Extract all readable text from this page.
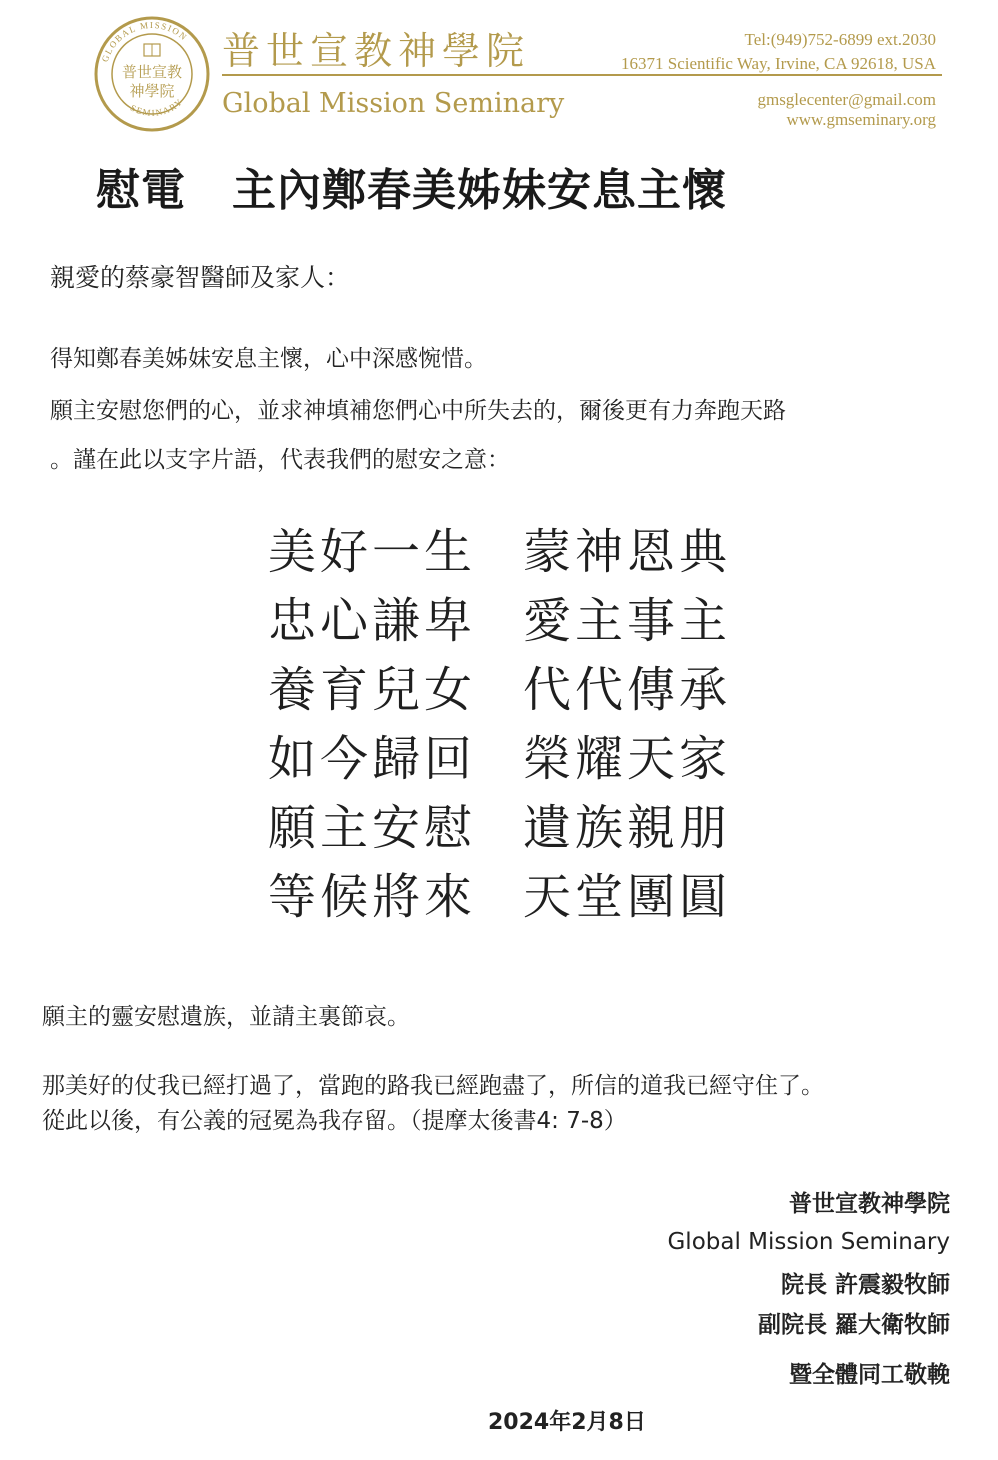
GLOBAL MISSION
SEMINARY
普世宣教
神學院
普世宣教神學院
Global Mission Seminary
Tel:(949)752-6899 ext.2030
16371 Scientific Way, Irvine, CA 92618, USA
gmsglecenter@gmail.com
www.gmseminary.org
慰電 主內鄭春美姊妹安息主懷
親愛的蔡豪智醫師及家人：
得知鄭春美姊妹安息主懷，心中深感惋惜。
願主安慰您們的心，並求神填補您們心中所失去的，爾後更有力奔跑天路
。謹在此以支字片語，代表我們的慰安之意：
美好一生 蒙神恩典
忠心謙卑 愛主事主
養育兒女 代代傳承
如今歸回 榮耀天家
願主安慰 遺族親朋
等候將來 天堂團圓
願主的靈安慰遺族，並請主裏節哀。
那美好的仗我已經打過了，當跑的路我已經跑盡了，所信的道我已經守住了。
從此以後，有公義的冠冕為我存留。（提摩太後書4: 7-8）
普世宣教神學院
Global Mission Seminary
院長 許震毅牧師
副院長 羅大衛牧師
暨全體同工敬輓
2024年2月8日
